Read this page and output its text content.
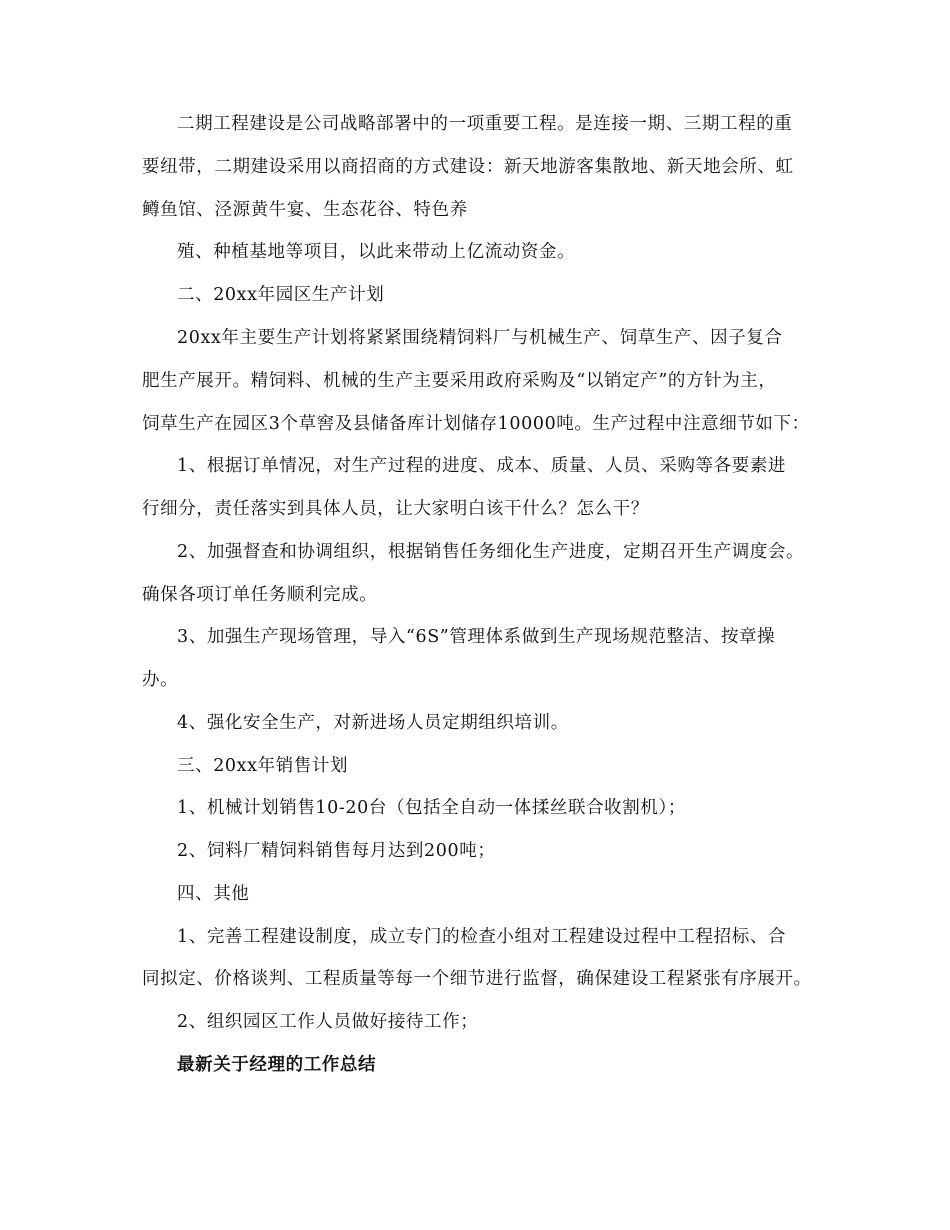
二期工程建设是公司战略部署中的一项重要工程。是连接一期、三期工程的重
要纽带，二期建设采用以商招商的方式建设：新天地游客集散地、新天地会所、虹
鳟鱼馆、泾源黄牛宴、生态花谷、特色养
殖、种植基地等项目，以此来带动上亿流动资金。
二、20xx年园区生产计划
20xx年主要生产计划将紧紧围绕精饲料厂与机械生产、饲草生产、因子复合
肥生产展开。精饲料、机械的生产主要采用政府采购及“以销定产”的方针为主，
饲草生产在园区3个草窖及县储备库计划储存10000吨。生产过程中注意细节如下：
1、根据订单情况，对生产过程的进度、成本、质量、人员、采购等各要素进
行细分，责任落实到具体人员，让大家明白该干什么？怎么干？
2、加强督查和协调组织，根据销售任务细化生产进度，定期召开生产调度会。
确保各项订单任务顺利完成。
3、加强生产现场管理，导入“6S”管理体系做到生产现场规范整洁、按章操
办。
4、强化安全生产，对新进场人员定期组织培训。
三、20xx年销售计划
1、机械计划销售10-20台（包括全自动一体揉丝联合收割机）；
2、饲料厂精饲料销售每月达到200吨；
四、其他
1、完善工程建设制度，成立专门的检查小组对工程建设过程中工程招标、合
同拟定、价格谈判、工程质量等每一个细节进行监督，确保建设工程紧张有序展开。
2、组织园区工作人员做好接待工作；
最新关于经理的工作总结
